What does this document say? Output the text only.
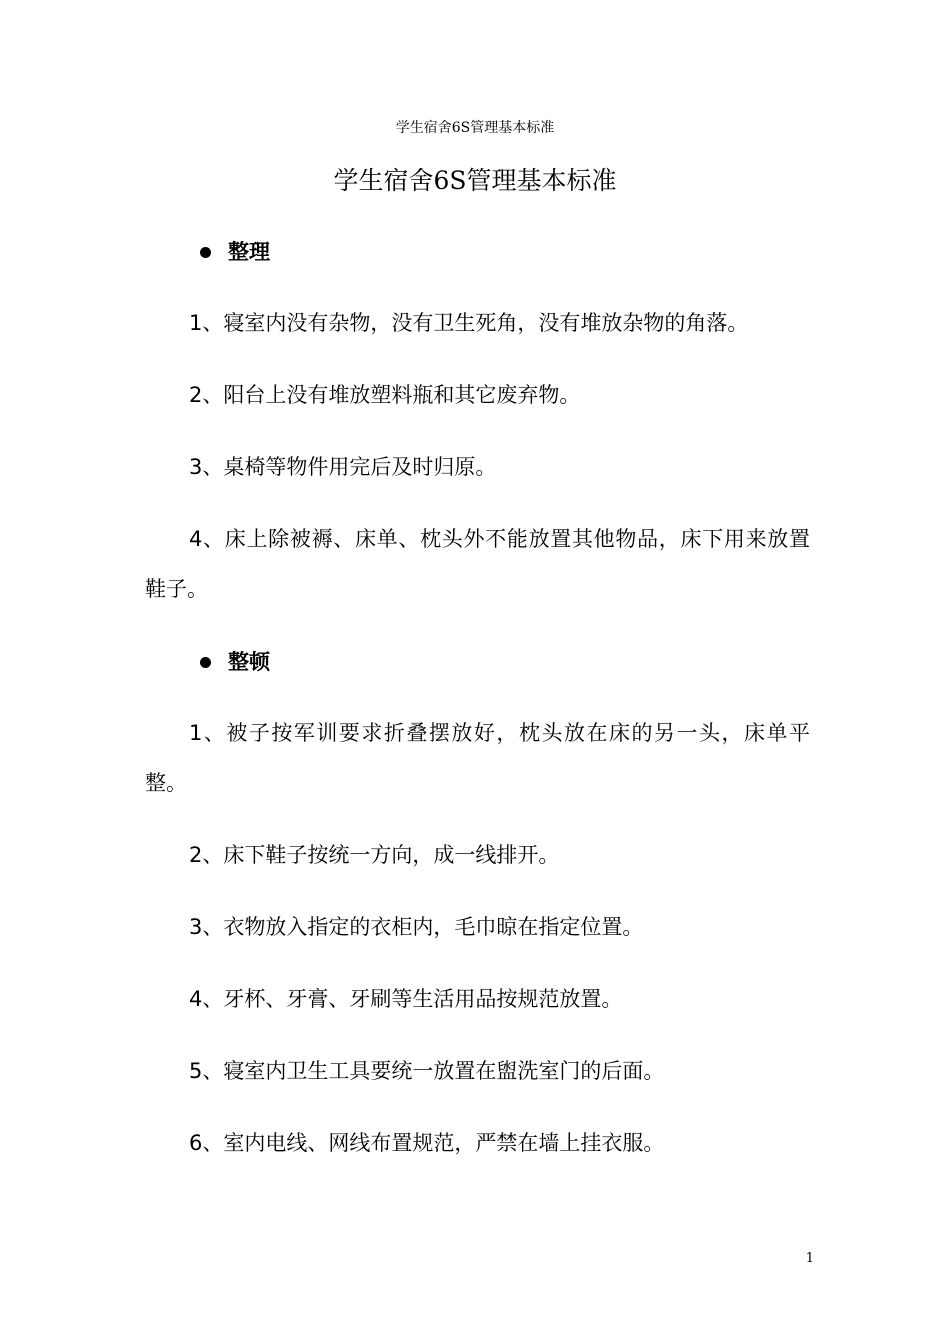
学生宿舍6S管理基本标准
学生宿舍6S管理基本标准
整理

1、寝室内没有杂物，没有卫生死角，没有堆放杂物的角落。

2、阳台上没有堆放塑料瓶和其它废弃物。

3、桌椅等物件用完后及时归原。

4、床上除被褥、床单、枕头外不能放置其他物品，床下用来放置鞋子。

整顿

1、被子按军训要求折叠摆放好，枕头放在床的另一头，床单平整。

2、床下鞋子按统一方向，成一线排开。

3、衣物放入指定的衣柜内，毛巾晾在指定位置。

4、牙杯、牙膏、牙刷等生活用品按规范放置。

5、寝室内卫生工具要统一放置在盥洗室门的后面。

6、室内电线、网线布置规范，严禁在墙上挂衣服。

1
